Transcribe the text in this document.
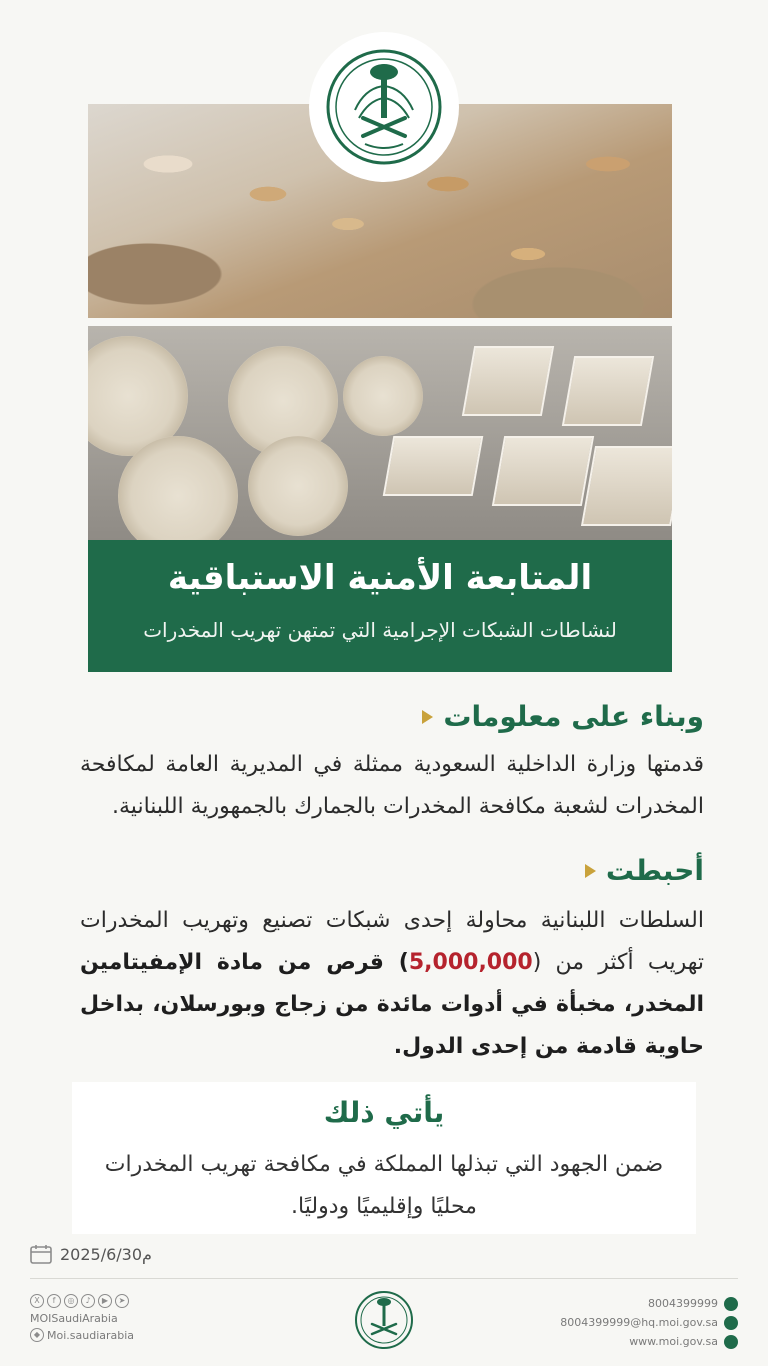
المتابعة الأمنية الاستباقية
لنشاطات الشبكات الإجرامية التي تمتهن تهريب المخدرات
وبناء على معلومات
قدمتها وزارة الداخلية السعودية ممثلة في المديرية العامة لمكافحة المخدرات لشعبة مكافحة المخدرات بالجمارك بالجمهورية اللبنانية.
أحبطت
السلطات اللبنانية محاولة إحدى شبكات تصنيع وتهريب المخدرات تهريب أكثر من (5,000,000) قرص من مادة الإمفيتامين المخدر، مخبأة في أدوات مائدة من زجاج وبورسلان، بداخل حاوية قادمة من إحدى الدول.
يأتي ذلك
ضمن الجهود التي تبذلها المملكة في مكافحة تهريب المخدرات محليًا وإقليميًا ودوليًا.
2025/6/30م
X	f	◎	♪	▶	➤
MOISaudiArabia
◆ Moi.saudiarabia
8004399999
8004399999@hq.moi.gov.sa
www.moi.gov.sa
